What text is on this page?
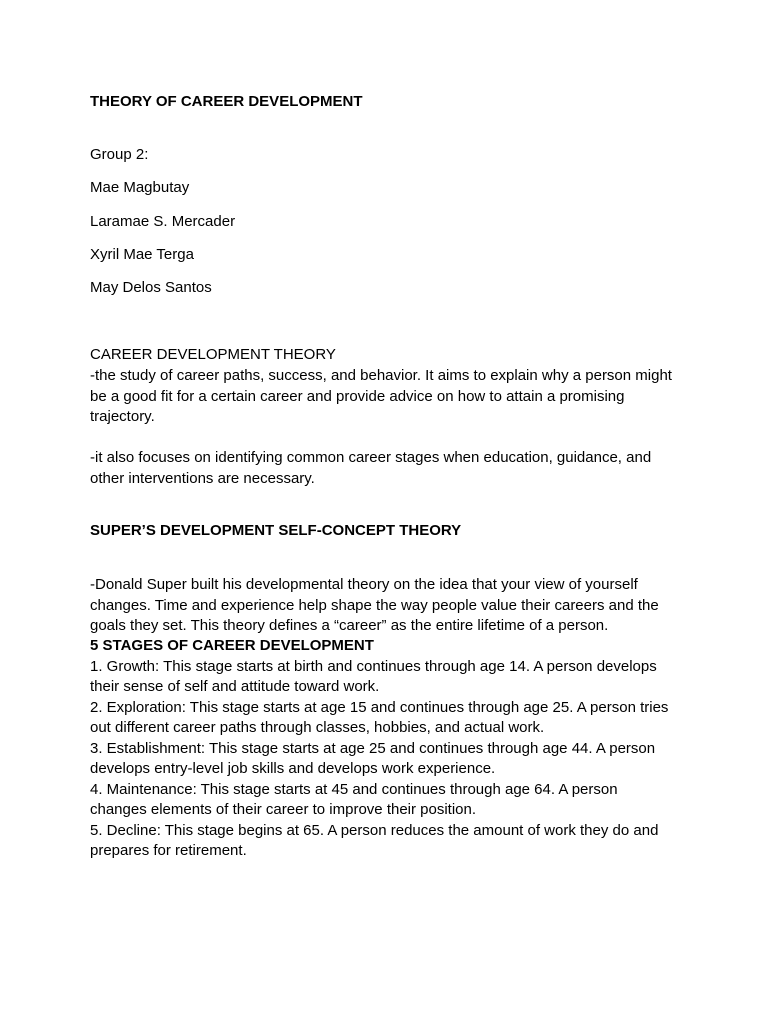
THEORY OF CAREER DEVELOPMENT
Group 2:
Mae Magbutay
Laramae S. Mercader
Xyril Mae Terga
May Delos Santos
CAREER DEVELOPMENT THEORY
-the study of career paths, success, and behavior. It aims to explain why a person might
be a good fit for a certain career and provide advice on how to attain a promising
trajectory.
-it also focuses on identifying common career stages when education, guidance, and
other interventions are necessary.
SUPER’S DEVELOPMENT SELF-CONCEPT THEORY
-Donald Super built his developmental theory on the idea that your view of yourself
changes. Time and experience help shape the way people value their careers and the
goals they set. This theory defines a “career” as the entire lifetime of a person.
5 STAGES OF CAREER DEVELOPMENT
1. Growth: This stage starts at birth and continues through age 14. A person develops
their sense of self and attitude toward work.
2. Exploration: This stage starts at age 15 and continues through age 25. A person tries
out different career paths through classes, hobbies, and actual work.
3. Establishment: This stage starts at age 25 and continues through age 44. A person
develops entry-level job skills and develops work experience.
4. Maintenance: This stage starts at 45 and continues through age 64. A person
changes elements of their career to improve their position.
5. Decline: This stage begins at 65. A person reduces the amount of work they do and
prepares for retirement.
